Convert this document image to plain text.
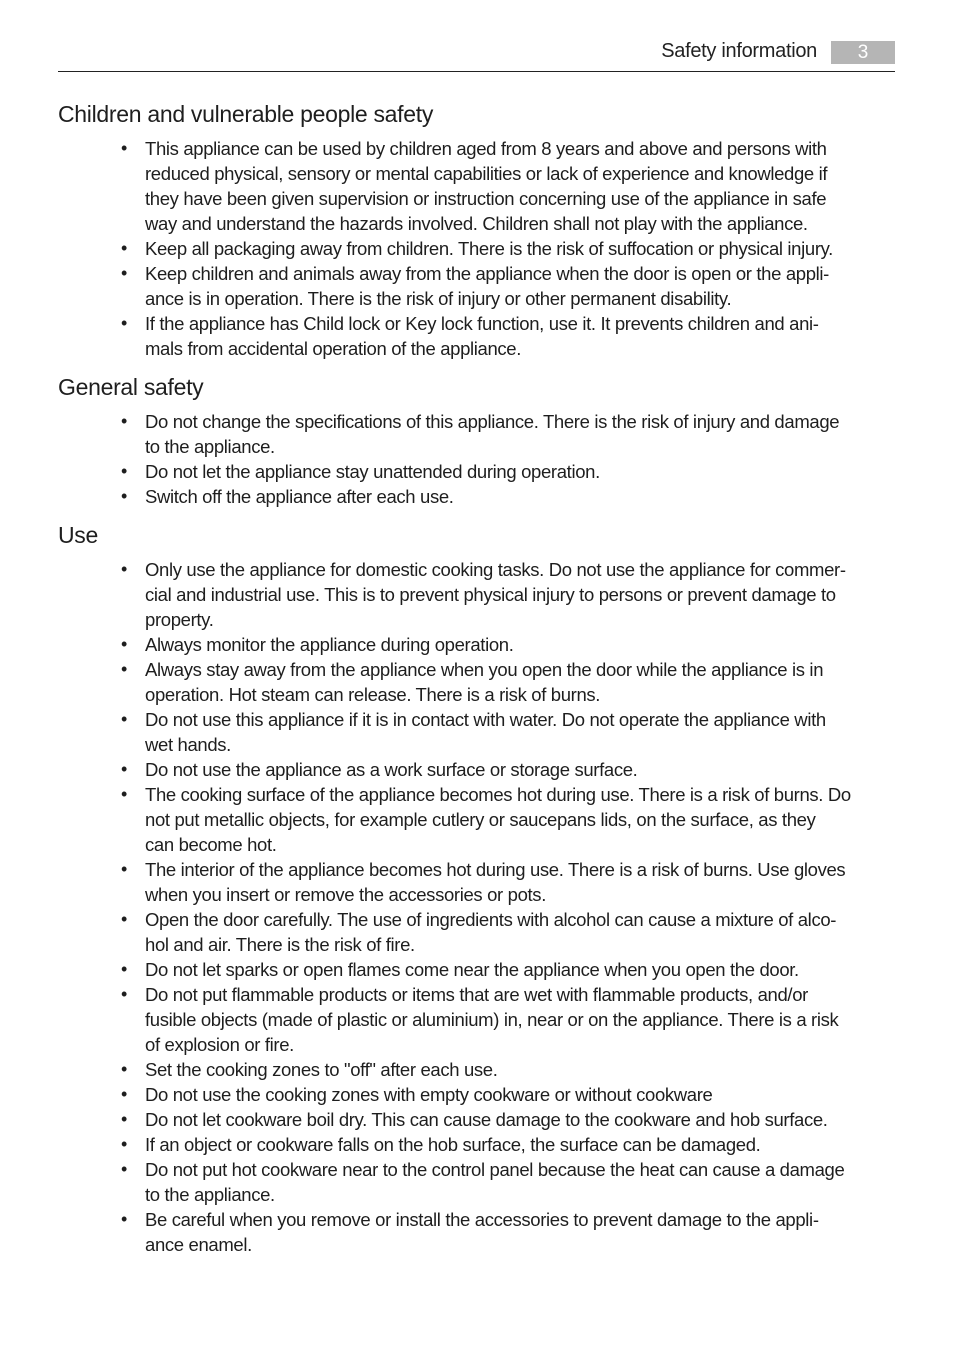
Safety information	3
Children and vulnerable people safety
• This appliance can be used by children aged from 8 years and above and persons with
reduced physical, sensory or mental capabilities or lack of experience and knowledge if
they have been given supervision or instruction concerning use of the appliance in safe
way and understand the hazards involved. Children shall not play with the appliance.
• Keep all packaging away from children. There is the risk of suffocation or physical injury.
• Keep children and animals away from the appliance when the door is open or the appli-
ance is in operation. There is the risk of injury or other permanent disability.
• If the appliance has Child lock or Key lock function, use it. It prevents children and ani-
mals from accidental operation of the appliance.
General safety
• Do not change the specifications of this appliance. There is the risk of injury and damage
to the appliance.
• Do not let the appliance stay unattended during operation.
• Switch off the appliance after each use.
Use
• Only use the appliance for domestic cooking tasks. Do not use the appliance for commer-
cial and industrial use. This is to prevent physical injury to persons or prevent damage to
property.
• Always monitor the appliance during operation.
• Always stay away from the appliance when you open the door while the appliance is in
operation. Hot steam can release. There is a risk of burns.
• Do not use this appliance if it is in contact with water. Do not operate the appliance with
wet hands.
• Do not use the appliance as a work surface or storage surface.
• The cooking surface of the appliance becomes hot during use. There is a risk of burns. Do
not put metallic objects, for example cutlery or saucepans lids, on the surface, as they
can become hot.
• The interior of the appliance becomes hot during use. There is a risk of burns. Use gloves
when you insert or remove the accessories or pots.
• Open the door carefully. The use of ingredients with alcohol can cause a mixture of alco-
hol and air. There is the risk of fire.
• Do not let sparks or open flames come near the appliance when you open the door.
• Do not put flammable products or items that are wet with flammable products, and/or
fusible objects (made of plastic or aluminium) in, near or on the appliance. There is a risk
of explosion or fire.
• Set the cooking zones to "off" after each use.
• Do not use the cooking zones with empty cookware or without cookware
• Do not let cookware boil dry. This can cause damage to the cookware and hob surface.
• If an object or cookware falls on the hob surface, the surface can be damaged.
• Do not put hot cookware near to the control panel because the heat can cause a damage
to the appliance.
• Be careful when you remove or install the accessories to prevent damage to the appli-
ance enamel.
